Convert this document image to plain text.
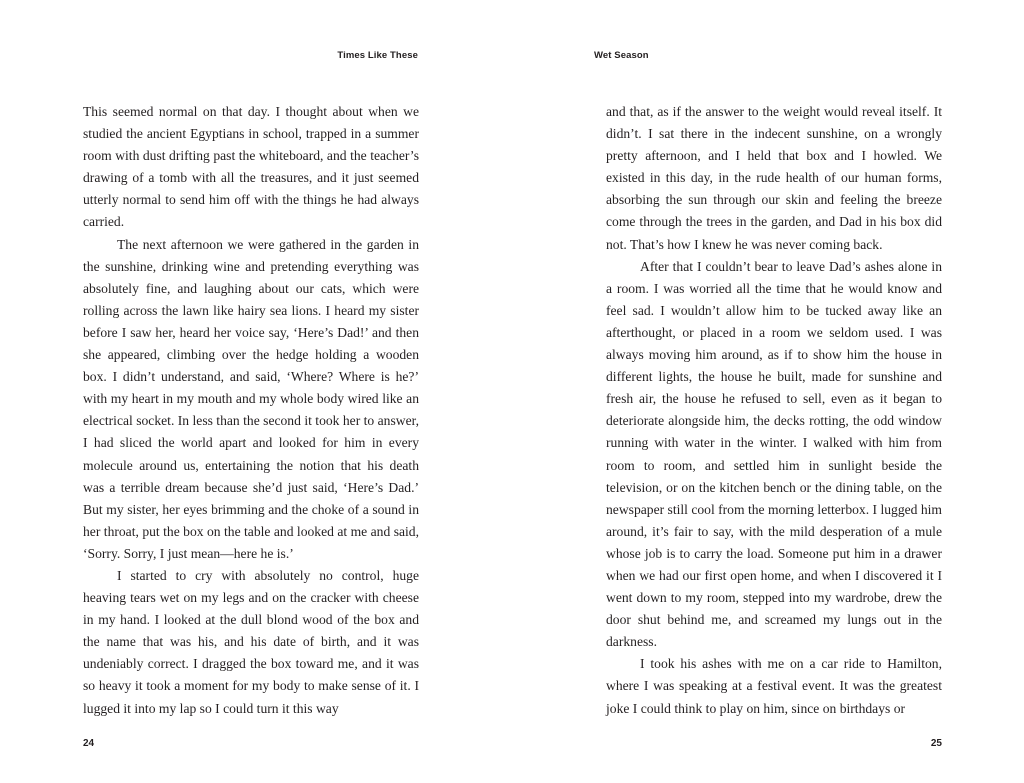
Times Like These

This seemed normal on that day. I thought about when we studied the ancient Egyptians in school, trapped in a summer room with dust drifting past the whiteboard, and the teacher’s drawing of a tomb with all the treasures, and it just seemed utterly normal to send him off with the things he had always carried.

The next afternoon we were gathered in the garden in the sunshine, drinking wine and pretending everything was absolutely fine, and laughing about our cats, which were rolling across the lawn like hairy sea lions. I heard my sister before I saw her, heard her voice say, ‘Here’s Dad!’ and then she appeared, climbing over the hedge holding a wooden box. I didn’t understand, and said, ‘Where? Where is he?’ with my heart in my mouth and my whole body wired like an electrical socket. In less than the second it took her to answer, I had sliced the world apart and looked for him in every molecule around us, entertaining the notion that his death was a terrible dream because she’d just said, ‘Here’s Dad.’ But my sister, her eyes brimming and the choke of a sound in her throat, put the box on the table and looked at me and said, ‘Sorry. Sorry, I just mean—here he is.’

I started to cry with absolutely no control, huge heaving tears wet on my legs and on the cracker with cheese in my hand. I looked at the dull blond wood of the box and the name that was his, and his date of birth, and it was undeniably correct. I dragged the box toward me, and it was so heavy it took a moment for my body to make sense of it. I lugged it into my lap so I could turn it this way

24
Wet Season

and that, as if the answer to the weight would reveal itself. It didn’t. I sat there in the indecent sunshine, on a wrongly pretty afternoon, and I held that box and I howled. We existed in this day, in the rude health of our human forms, absorbing the sun through our skin and feeling the breeze come through the trees in the garden, and Dad in his box did not. That’s how I knew he was never coming back.

After that I couldn’t bear to leave Dad’s ashes alone in a room. I was worried all the time that he would know and feel sad. I wouldn’t allow him to be tucked away like an afterthought, or placed in a room we seldom used. I was always moving him around, as if to show him the house in different lights, the house he built, made for sunshine and fresh air, the house he refused to sell, even as it began to deteriorate alongside him, the decks rotting, the odd window running with water in the winter. I walked with him from room to room, and settled him in sunlight beside the television, or on the kitchen bench or the dining table, on the newspaper still cool from the morning letterbox. I lugged him around, it’s fair to say, with the mild desperation of a mule whose job is to carry the load. Someone put him in a drawer when we had our first open home, and when I discovered it I went down to my room, stepped into my wardrobe, drew the door shut behind me, and screamed my lungs out in the darkness.

I took his ashes with me on a car ride to Hamilton, where I was speaking at a festival event. It was the greatest joke I could think to play on him, since on birthdays or

25
